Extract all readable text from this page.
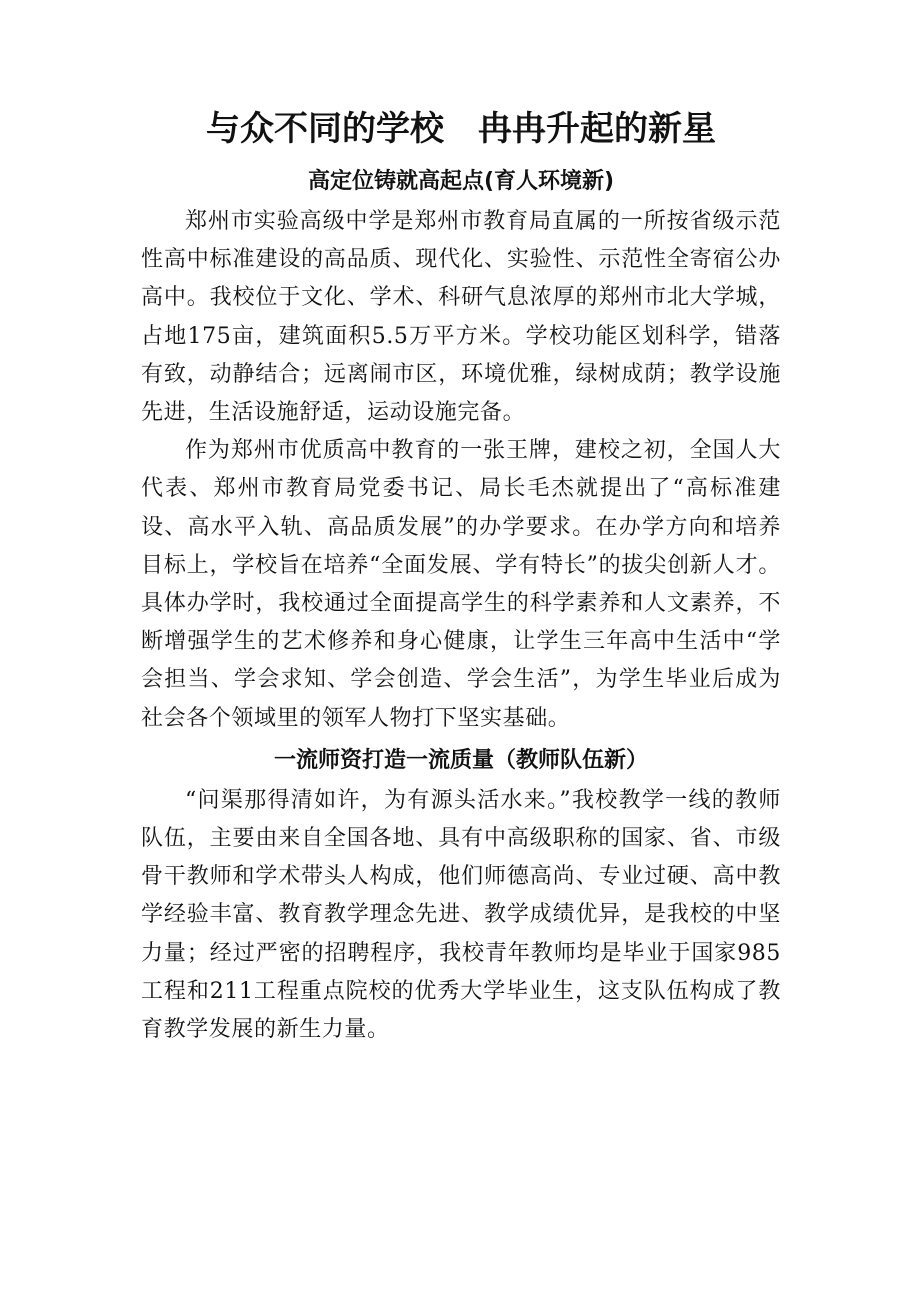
与众不同的学校　冉冉升起的新星
高定位铸就高起点(育人环境新)

郑州市实验高级中学是郑州市教育局直属的一所按省级示范性高中标准建设的高品质、现代化、实验性、示范性全寄宿公办高中。我校位于文化、学术、科研气息浓厚的郑州市北大学城，占地175亩，建筑面积5.5万平方米。学校功能区划科学，错落有致，动静结合；远离闹市区，环境优雅，绿树成荫；教学设施先进，生活设施舒适，运动设施完备。

作为郑州市优质高中教育的一张王牌，建校之初，全国人大代表、郑州市教育局党委书记、局长毛杰就提出了“高标准建设、高水平入轨、高品质发展”的办学要求。在办学方向和培养目标上，学校旨在培养“全面发展、学有特长”的拔尖创新人才。具体办学时，我校通过全面提高学生的科学素养和人文素养，不断增强学生的艺术修养和身心健康，让学生三年高中生活中“学会担当、学会求知、学会创造、学会生活”，为学生毕业后成为社会各个领域里的领军人物打下坚实基础。

一流师资打造一流质量（教师队伍新）

“问渠那得清如许，为有源头活水来。”我校教学一线的教师队伍，主要由来自全国各地、具有中高级职称的国家、省、市级骨干教师和学术带头人构成，他们师德高尚、专业过硬、高中教学经验丰富、教育教学理念先进、教学成绩优异，是我校的中坚力量；经过严密的招聘程序，我校青年教师均是毕业于国家985工程和211工程重点院校的优秀大学毕业生，这支队伍构成了教育教学发展的新生力量。
